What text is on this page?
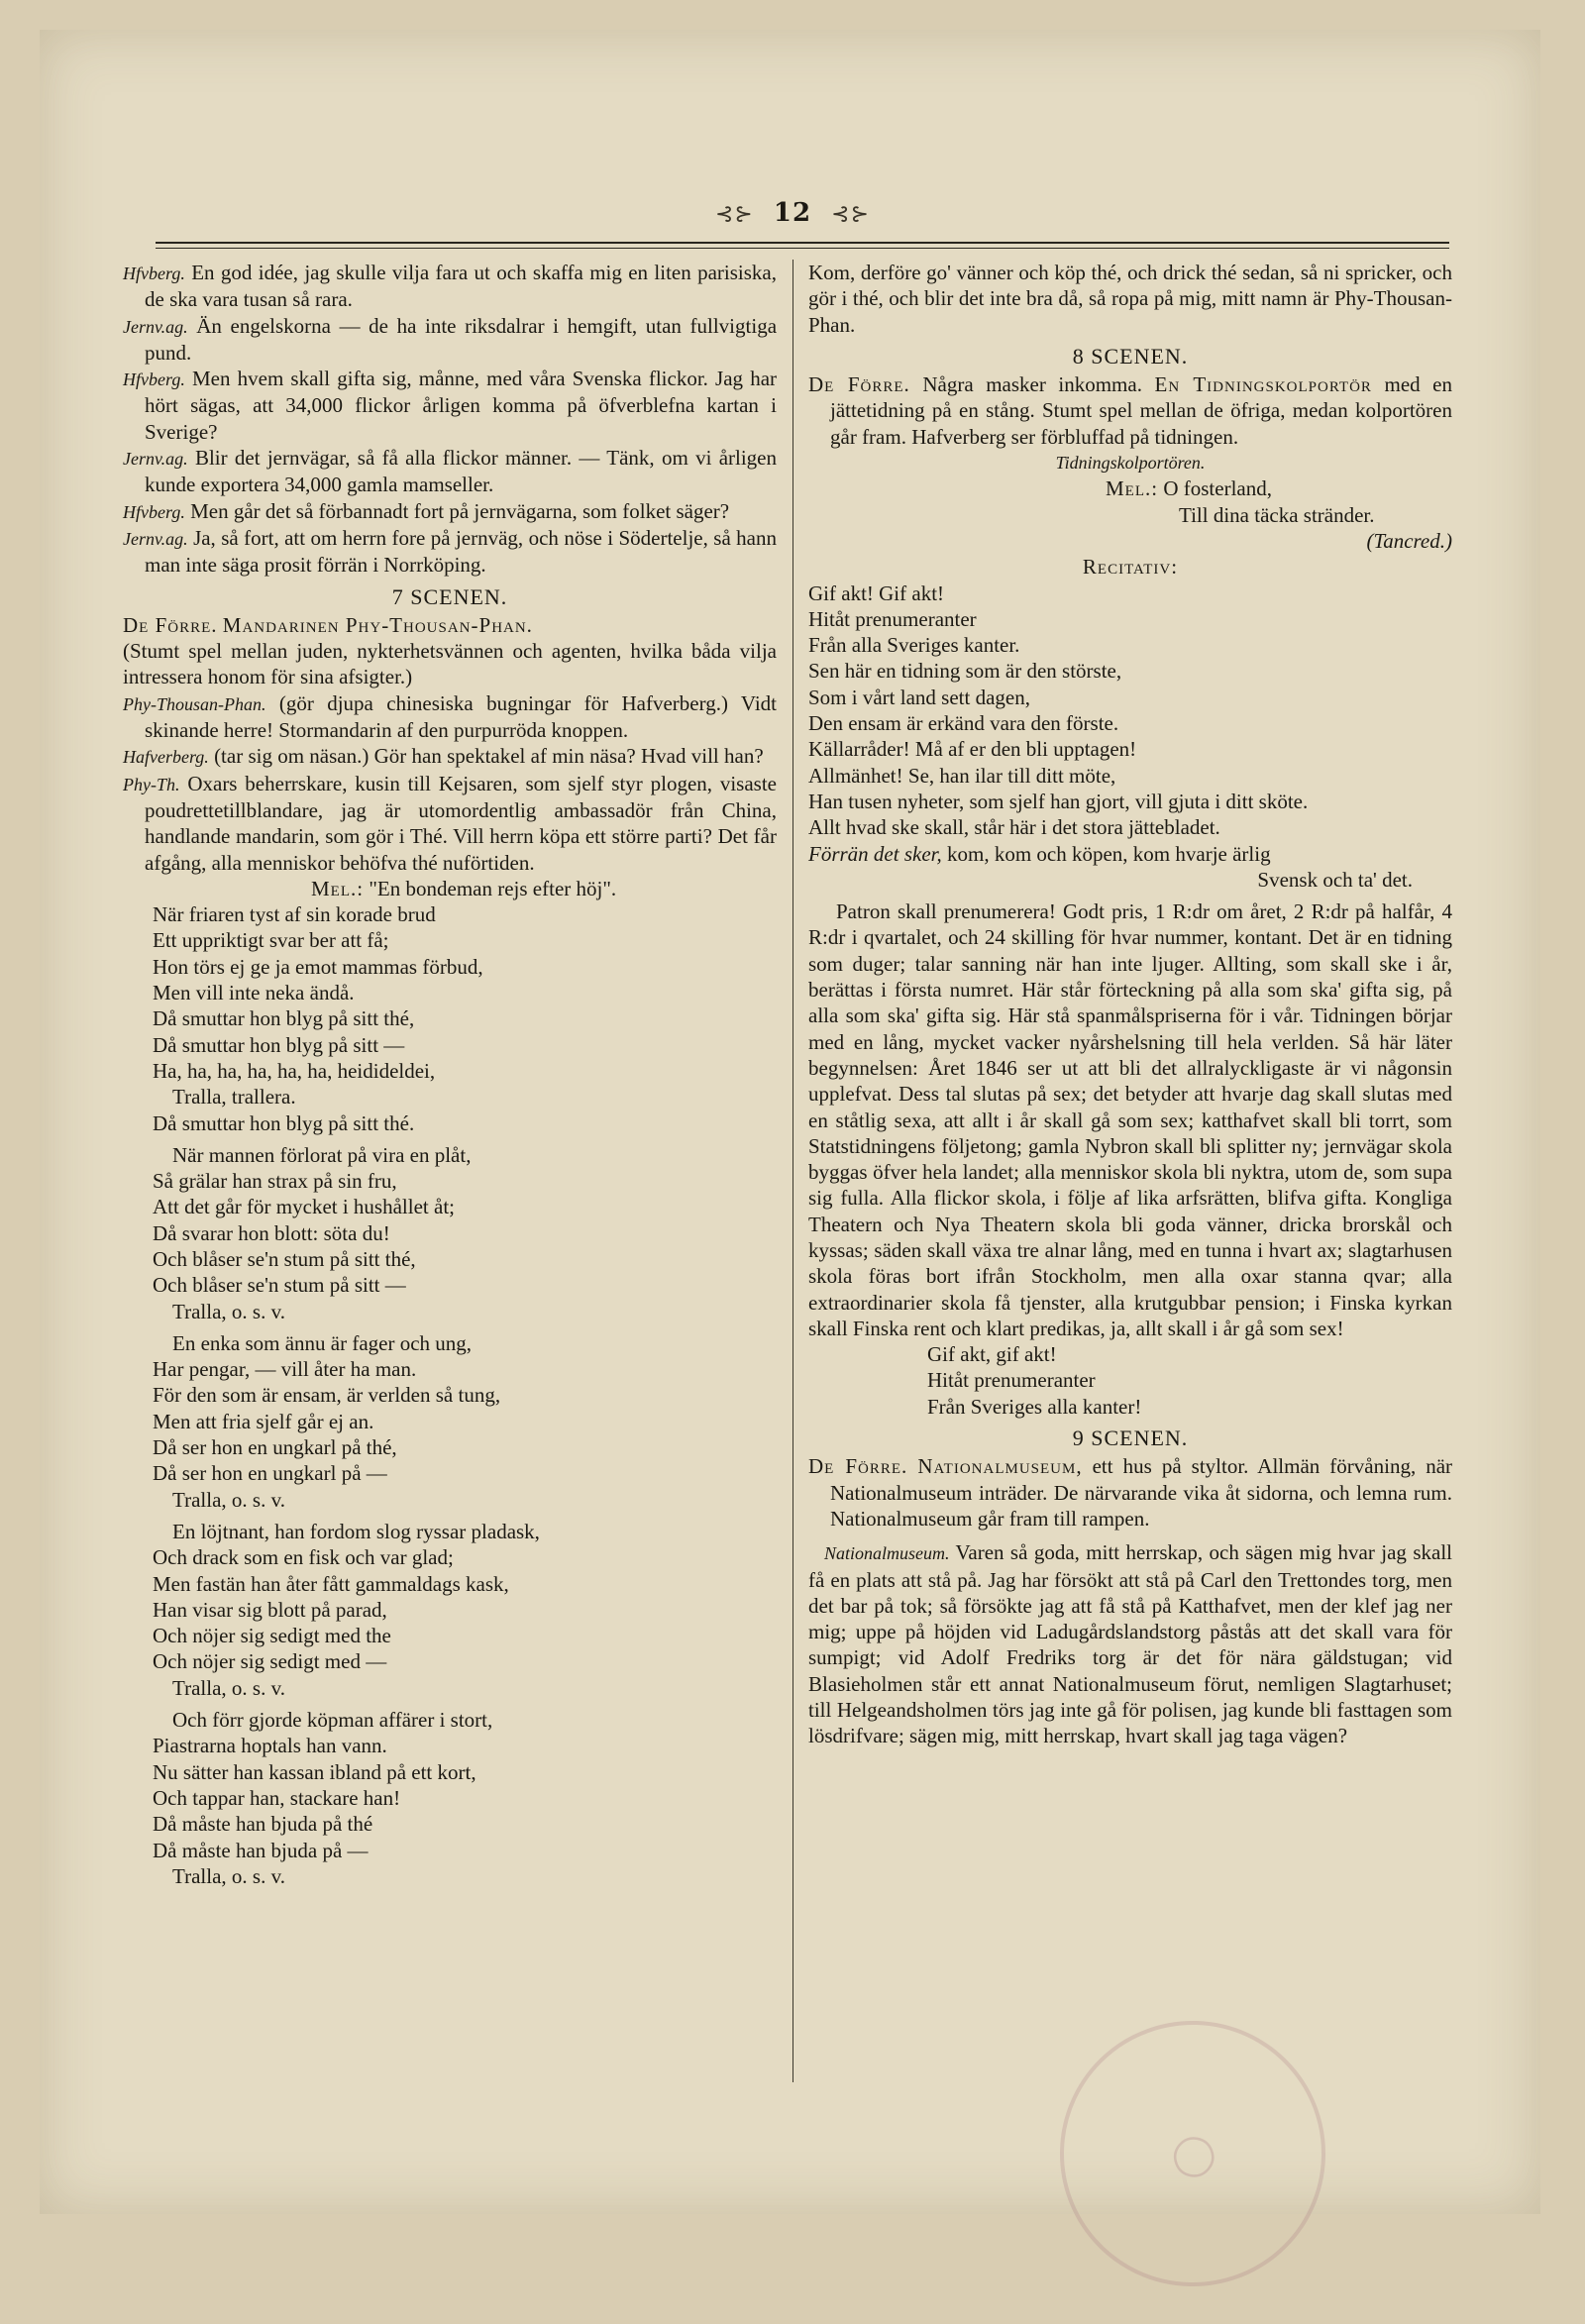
⊰⊱ 12 ⊰⊱

Hfvberg. En god idée, jag skulle vilja fara ut och skaffa mig en liten parisiska, de ska vara tusan så rara.

Jernv.ag. Än engelskorna — de ha inte riksdalrar i hemgift, utan fullvigtiga pund.

Hfvberg. Men hvem skall gifta sig, månne, med våra Svenska flickor. Jag har hört sägas, att 34,000 flickor årligen komma på öfverblefna kartan i Sverige?

Jernv.ag. Blir det jernvägar, så få alla flickor männer. — Tänk, om vi årligen kunde exportera 34,000 gamla mamseller.

Hfvberg. Men går det så förbannadt fort på jernvägarna, som folket säger?

Jernv.ag. Ja, så fort, att om herrn fore på jernväg, och nöse i Södertelje, så hann man inte säga prosit förrän i Norrköping.

7 SCENEN.

De Förre. Mandarinen Phy-Thousan-Phan.

(Stumt spel mellan juden, nykterhetsvännen och agenten, hvilka båda vilja intressera honom för sina afsigter.)

Phy-Thousan-Phan. (gör djupa chinesiska bugningar för Hafverberg.) Vidt skinande herre! Stormandarin af den purpurröda knoppen.

Hafverberg. (tar sig om näsan.) Gör han spektakel af min näsa? Hvad vill han?

Phy-Th. Oxars beherrskare, kusin till Kejsaren, som sjelf styr plogen, visaste poudrettetillblandare, jag är utomordentlig ambassadör från China, handlande mandarin, som gör i Thé. Vill herrn köpa ett större parti? Det får afgång, alla menniskor behöfva thé nuförtiden.

Mel.: "En bondeman rejs efter höj".

När friaren tyst af sin korade brud
Ett uppriktigt svar ber att få;
Hon törs ej ge ja emot mammas förbud,
Men vill inte neka ändå.
Då smuttar hon blyg på sitt thé,
Då smuttar hon blyg på sitt —
Ha, ha, ha, ha, ha, ha, heidideldei,
Tralla, trallera.
Då smuttar hon blyg på sitt thé.
När mannen förlorat på vira en plåt,
Så grälar han strax på sin fru,
Att det går för mycket i hushållet åt;
Då svarar hon blott: söta du!
Och blåser se'n stum på sitt thé,
Och blåser se'n stum på sitt —
Tralla, o. s. v.
En enka som ännu är fager och ung,
Har pengar, — vill åter ha man.
För den som är ensam, är verlden så tung,
Men att fria sjelf går ej an.
Då ser hon en ungkarl på thé,
Då ser hon en ungkarl på —
Tralla, o. s. v.
En löjtnant, han fordom slog ryssar pladask,
Och drack som en fisk och var glad;
Men fastän han åter fått gammaldags kask,
Han visar sig blott på parad,
Och nöjer sig sedigt med the
Och nöjer sig sedigt med —
Tralla, o. s. v.
Och förr gjorde köpman affärer i stort,
Piastrarna hoptals han vann.
Nu sätter han kassan ibland på ett kort,
Och tappar han, stackare han!
Då måste han bjuda på thé
Då måste han bjuda på —
Tralla, o. s. v.

Kom, derföre go' vänner och köp thé, och drick thé sedan, så ni spricker, och gör i thé, och blir det inte bra då, så ropa på mig, mitt namn är Phy-Thousan-Phan.

8 SCENEN.

De Förre. Några masker inkomma. En Tidningskolportör med en jättetidning på en stång. Stumt spel mellan de öfriga, medan kolportören går fram. Hafverberg ser förbluffad på tidningen.

Tidningskolportören.
Mel.: O fosterland,
Till dina täcka stränder.
(Tancred.)
Recitativ:
Gif akt! Gif akt!
Hitåt prenumeranter
Från alla Sveriges kanter.
Sen här en tidning som är den störste,
Som i vårt land sett dagen,
Den ensam är erkänd vara den förste.
Källarråder! Må af er den bli upptagen!
Allmänhet! Se, han ilar till ditt möte,
Han tusen nyheter, som sjelf han gjort, vill gjuta i ditt sköte.
Allt hvad ske skall, står här i det stora jättebladet.
Förrän det sker, kom, kom och köpen, kom hvarje ärlig
Svensk och ta' det.

Patron skall prenumerera! Godt pris, 1 R:dr om året, 2 R:dr på halfår, 4 R:dr i qvartalet, och 24 skilling för hvar nummer, kontant. Det är en tidning som duger; talar sanning när han inte ljuger. Allting, som skall ske i år, berättas i första numret. Här står förteckning på alla som ska' gifta sig, på alla som ska' gifta sig. Här stå spanmålspriserna för i vår. Tidningen börjar med en lång, mycket vacker nyårshelsning till hela verlden. Så här läter begynnelsen: Året 1846 ser ut att bli det allralyckligaste är vi någonsin upplefvat. Dess tal slutas på sex; det betyder att hvarje dag skall slutas med en ståtlig sexa, att allt i år skall gå som sex; katthafvet skall bli torrt, som Statstidningens följetong; gamla Nybron skall bli splitter ny; jernvägar skola byggas öfver hela landet; alla menniskor skola bli nyktra, utom de, som supa sig fulla. Alla flickor skola, i följe af lika arfsrätten, blifva gifta. Kongliga Theatern och Nya Theatern skola bli goda vänner, dricka brorskål och kyssas; säden skall växa tre alnar lång, med en tunna i hvart ax; slagtarhusen skola föras bort ifrån Stockholm, men alla oxar stanna qvar; alla extraordinarier skola få tjenster, alla krutgubbar pension; i Finska kyrkan skall Finska rent och klart predikas, ja, allt skall i år gå som sex!

Gif akt, gif akt!
Hitåt prenumeranter
Från Sveriges alla kanter!
9 SCENEN.

De Förre. Nationalmuseum, ett hus på styltor. Allmän förvåning, när Nationalmuseum inträder. De närvarande vika åt sidorna, och lemna rum. Nationalmuseum går fram till rampen.

Nationalmuseum. Varen så goda, mitt herrskap, och sägen mig hvar jag skall få en plats att stå på. Jag har försökt att stå på Carl den Trettondes torg, men det bar på tok; så försökte jag att få stå på Katthafvet, men der klef jag ner mig; uppe på höjden vid Ladugårdslandstorg påstås att det skall vara för sumpigt; vid Adolf Fredriks torg är det för nära gäldstugan; vid Blasieholmen står ett annat Nationalmuseum förut, nemligen Slagtarhuset; till Helgeandsholmen törs jag inte gå för polisen, jag kunde bli fasttagen som lösdrifvare; sägen mig, mitt herrskap, hvart skall jag taga vägen?

◯
